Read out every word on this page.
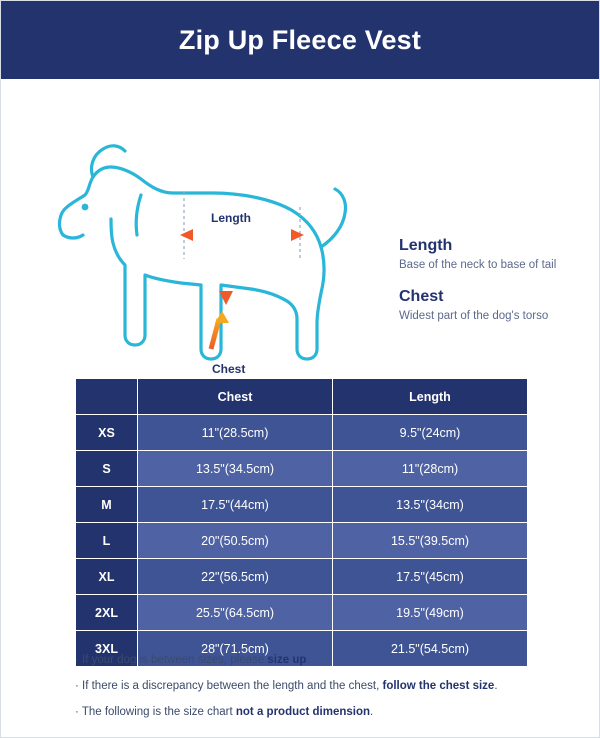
Zip Up Fleece Vest
Length
Chest
Length
Base of the neck to base of tail
Chest
Widest part of the dog's torso
	Chest	Length
XS	11"(28.5cm)	9.5"(24cm)
S	13.5"(34.5cm)	11"(28cm)
M	17.5"(44cm)	13.5"(34cm)
L	20"(50.5cm)	15.5"(39.5cm)
XL	22"(56.5cm)	17.5"(45cm)
2XL	25.5"(64.5cm)	19.5"(49cm)
3XL	28"(71.5cm)	21.5"(54.5cm)
· If your dog is between sizes, please size up.
· If there is a discrepancy between the length and the chest, follow the chest size.
· The following is the size chart not a product dimension.
